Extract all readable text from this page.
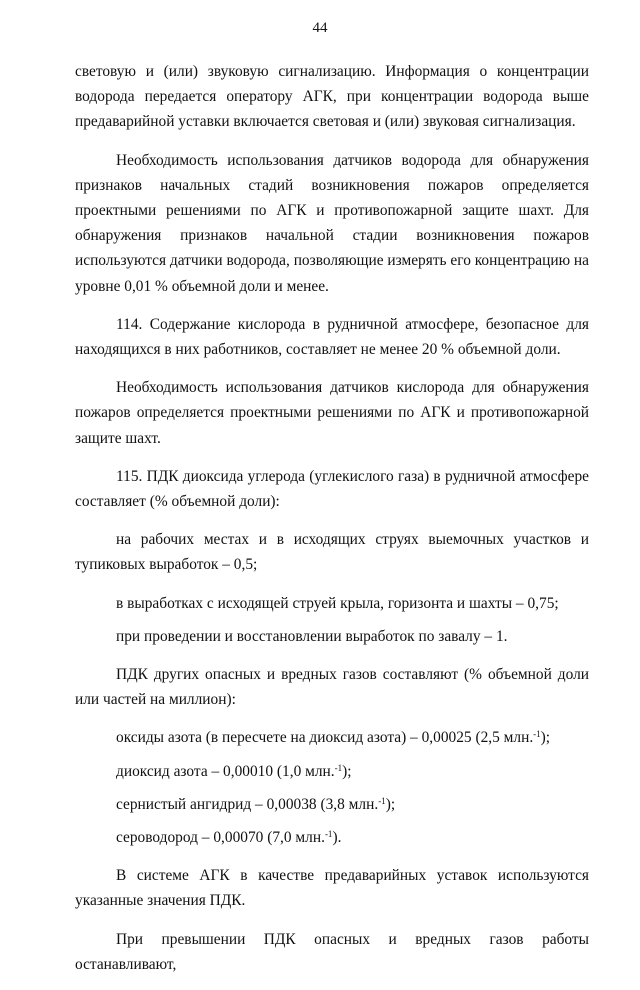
44

световую и (или) звуковую сигнализацию. Информация о концентрации водорода передается оператору АГК, при концентрации водорода выше предаварийной уставки включается световая и (или) звуковая сигнализация.

Необходимость использования датчиков водорода для обнаружения признаков начальных стадий возникновения пожаров определяется проектными решениями по АГК и противопожарной защите шахт. Для обнаружения признаков начальной стадии возникновения пожаров используются датчики водорода, позволяющие измерять его концентрацию на уровне 0,01 % объемной доли и менее.

114. Содержание кислорода в рудничной атмосфере, безопасное для находящихся в них работников, составляет не менее 20 % объемной доли.

Необходимость использования датчиков кислорода для обнаружения пожаров определяется проектными решениями по АГК и противопожарной защите шахт.

115. ПДК диоксида углерода (углекислого газа) в рудничной атмосфере составляет (% объемной доли):

на рабочих местах и в исходящих струях выемочных участков и тупиковых выработок – 0,5;

в выработках с исходящей струей крыла, горизонта и шахты – 0,75;

при проведении и восстановлении выработок по завалу – 1.

ПДК других опасных и вредных газов составляют (% объемной доли или частей на миллион):

оксиды азота (в пересчете на диоксид азота) – 0,00025 (2,5 млн.$^{-1}$);

диоксид азота – 0,00010 (1,0 млн.$^{-1}$);

сернистый ангидрид – 0,00038 (3,8 млн.$^{-1}$);

сероводород – 0,00070 (7,0 млн.$^{-1}$).

В системе АГК в качестве предаварийных уставок используются указанные значения ПДК.

При превышении ПДК опасных и вредных газов работы останавливают,
